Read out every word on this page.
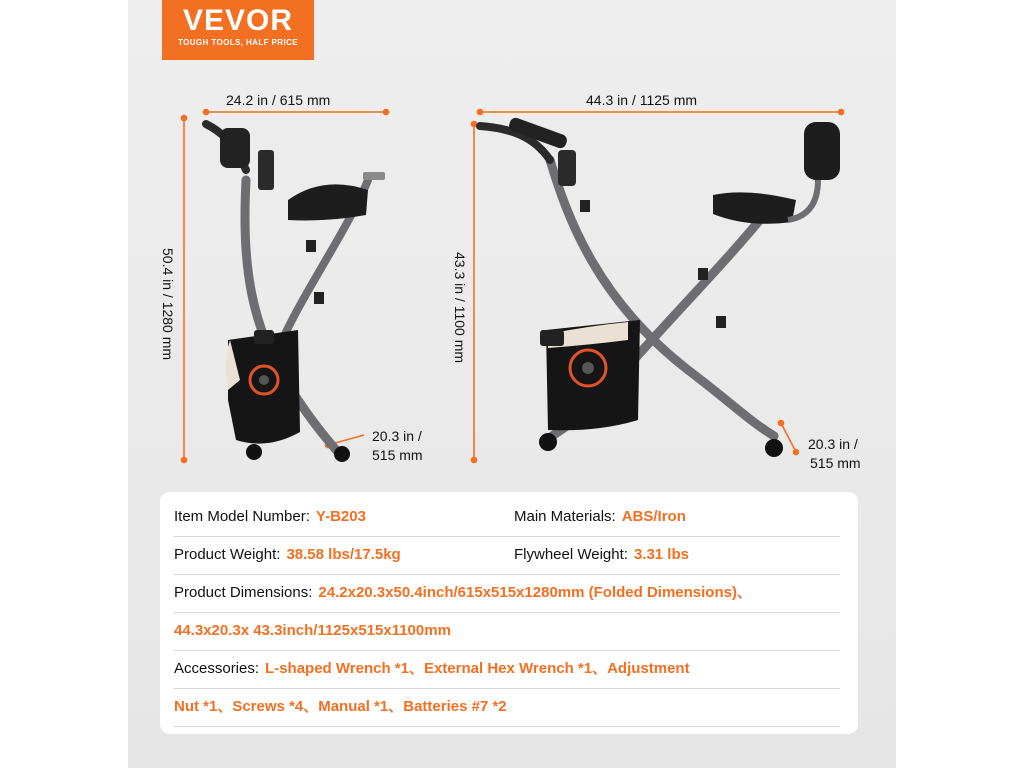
VEVOR
TOUGH TOOLS, HALF PRICE
24.2 in / 615 mm
50.4 in / 1280 mm
20.3 in /
515 mm
44.3 in / 1125 mm
43.3 in / 1100 mm
20.3 in /
515 mm
Item Model Number: Y-B203	Main Materials: ABS/Iron
Product Weight: 38.58 lbs/17.5kg	Flywheel Weight: 3.31 lbs
Product Dimensions: 24.2x20.3x50.4inch/615x515x1280mm (Folded Dimensions)、
44.3x20.3x 43.3inch/1125x515x1100mm
Accessories: L-shaped Wrench *1、External Hex Wrench *1、Adjustment
Nut *1、Screws *4、Manual *1、Batteries #7 *2
